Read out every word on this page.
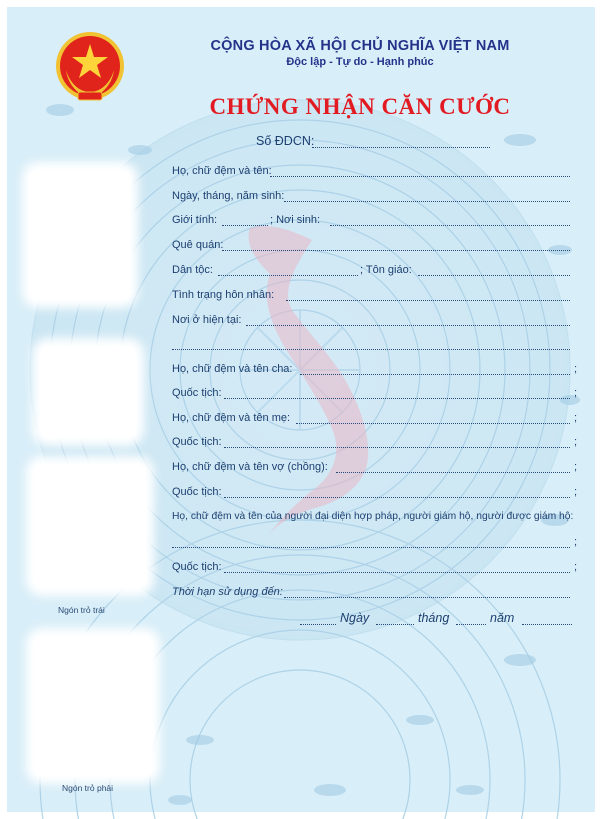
CỘNG HÒA XÃ HỘI CHỦ NGHĨA VIỆT NAM
Độc lập - Tự do - Hạnh phúc
CHỨNG NHẬN CĂN CƯỚC
Số ĐDCN:
Ngón trỏ trái
Ngón trỏ phải
Họ, chữ đệm và tên:
Ngày, tháng, năm sinh:
Giới tính:	; Nơi sinh:
Quê quán:
Dân tộc:	; Tôn giáo:
Tình trạng hôn nhân:
Nơi ở hiện tại:
Họ, chữ đệm và tên cha:	;
Quốc tịch:	;
Họ, chữ đệm và tên mẹ:	;
Quốc tịch:	;
Họ, chữ đệm và tên vợ (chồng):	;
Quốc tịch:	;
Họ, chữ đệm và tên của người đại diện hợp pháp, người giám hộ, người được giám hộ:
;
Quốc tịch:	;
Thời hạn sử dụng đến:
Ngày	tháng	năm
